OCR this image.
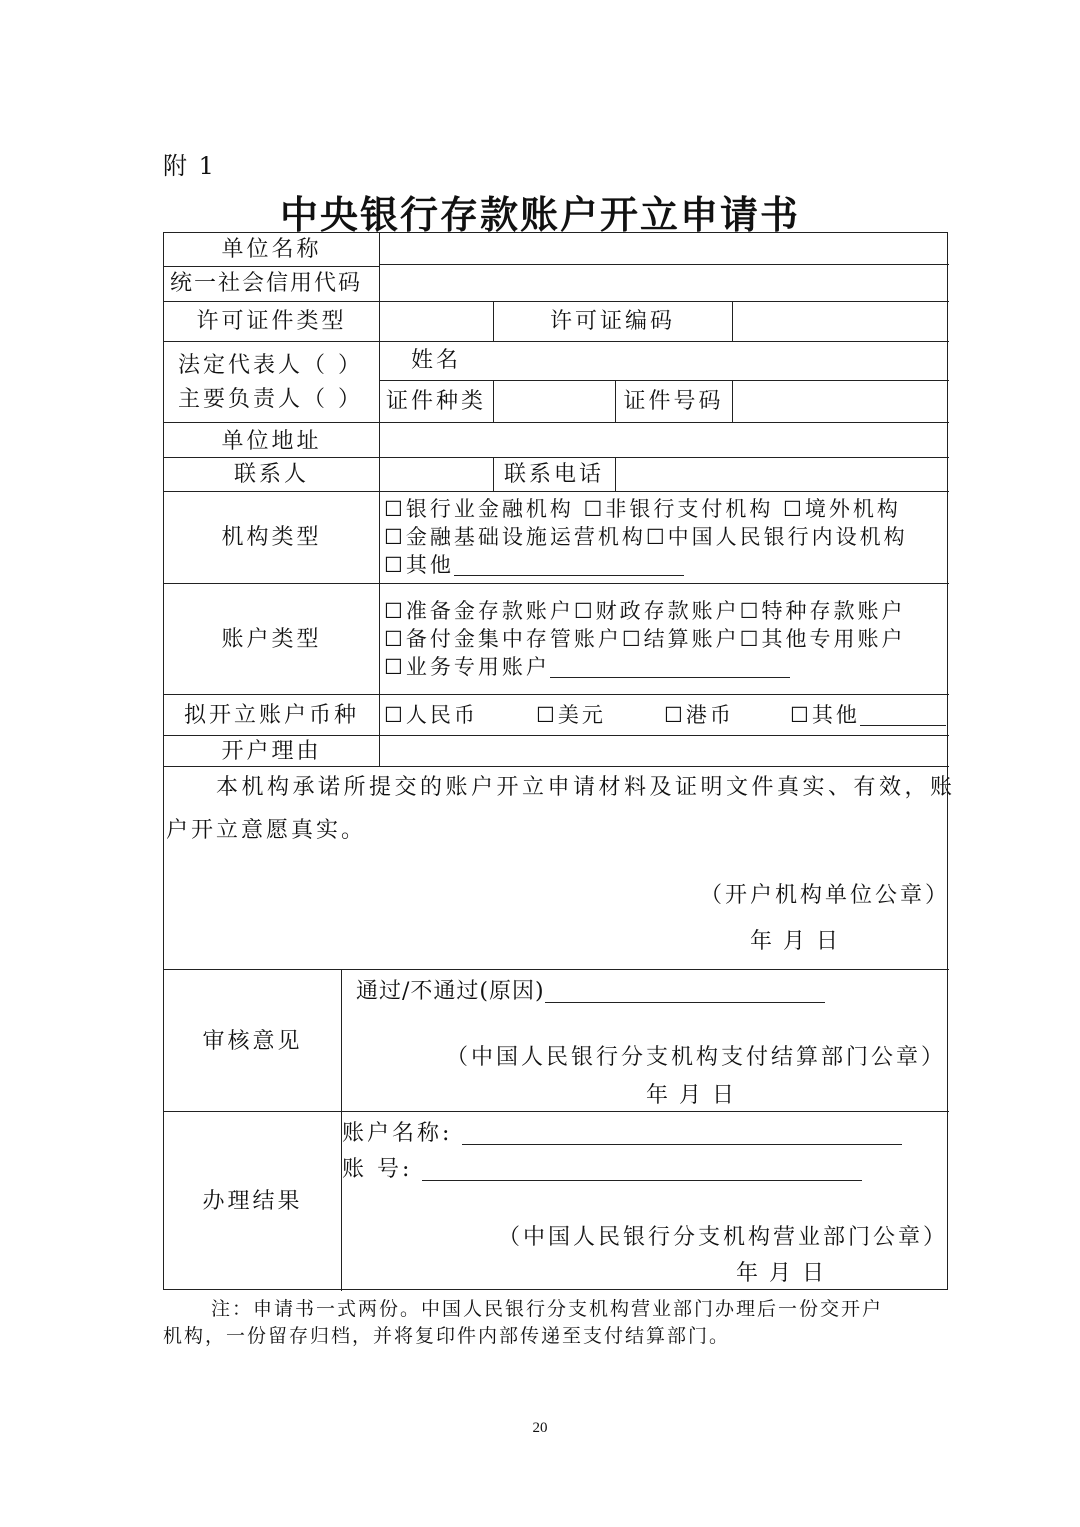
附 1
中央银行存款账户开立申请书
单位名称
统一社会信用代码
许可证件类型	许可证编码
法定代表人（ ）
主要负责人（ ）
姓名
证件种类	证件号码
单位地址
联系人	联系电话
机构类型
☐银行业金融机构 ☐非银行支付机构 ☐境外机构
☐金融基础设施运营机构☐中国人民银行内设机构
☐其他
账户类型
☐准备金存款账户☐财政存款账户☐特种存款账户
☐备付金集中存管账户☐结算账户☐其他专用账户
☐业务专用账户
拟开立账户币种	☐人民币	☐美元	☐港币	☐其他
开户理由
本机构承诺所提交的账户开立申请材料及证明文件真实、有效，账
户开立意愿真实。
（开户机构单位公章）
年 月 日
审核意见
通过/不通过(原因)
（中国人民银行分支机构支付结算部门公章）
年 月 日
办理结果
账户名称:
账 号:
（中国人民银行分支机构营业部门公章）
年 月 日
注：申请书一式两份。中国人民银行分支机构营业部门办理后一份交开户
机构，一份留存归档，并将复印件内部传递至支付结算部门。
20
